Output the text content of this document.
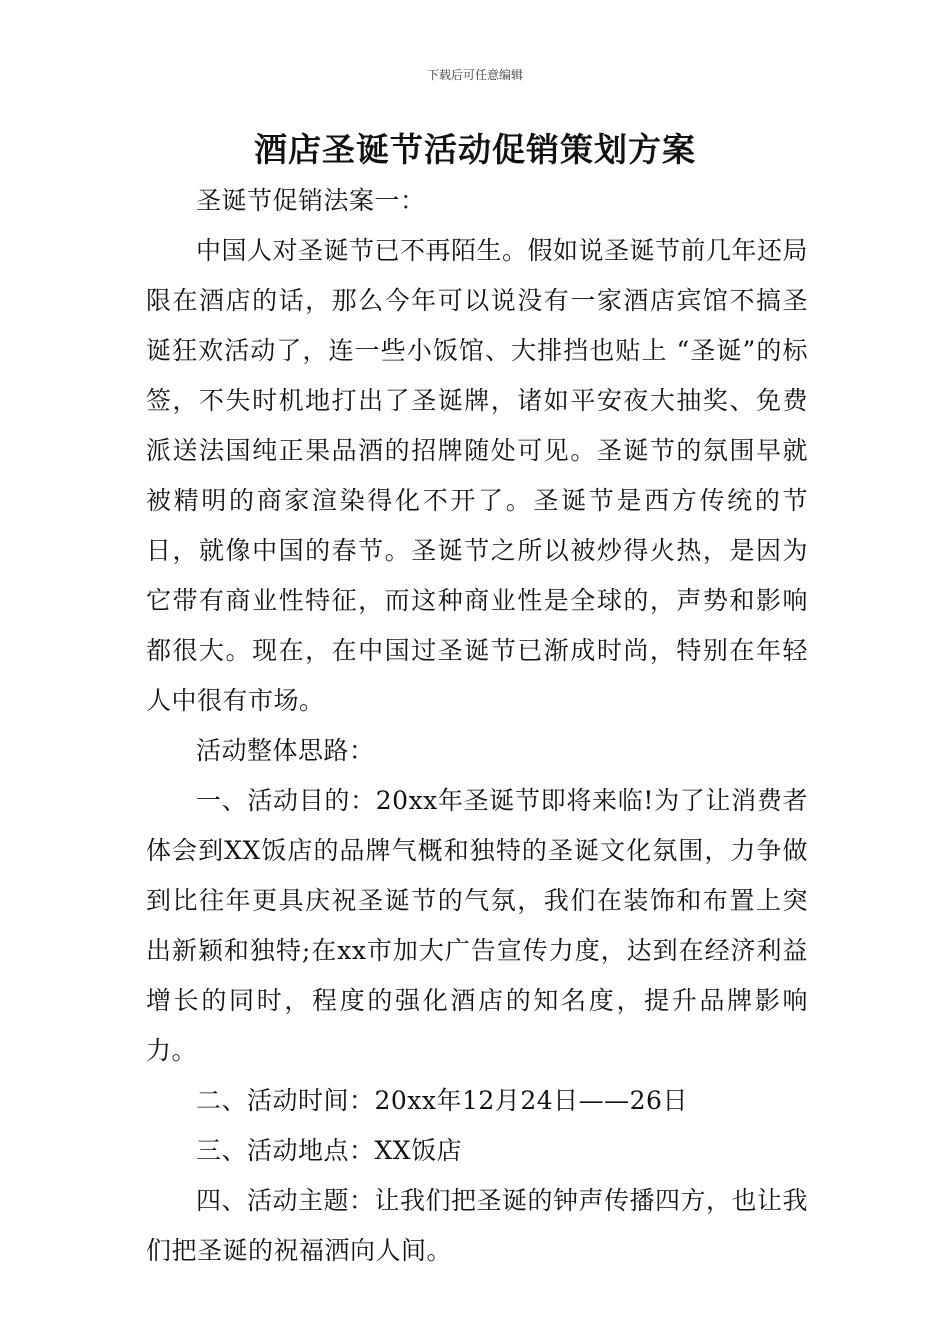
下载后可任意编辑
酒店圣诞节活动促销策划方案

圣诞节促销法案一：

中国人对圣诞节已不再陌生。假如说圣诞节前几年还局限在酒店的话，那么今年可以说没有一家酒店宾馆不搞圣诞狂欢活动了，连一些小饭馆、大排挡也贴上 “圣诞”的标签，不失时机地打出了圣诞牌，诸如平安夜大抽奖、免费派送法国纯正果品酒的招牌随处可见。圣诞节的氛围早就被精明的商家渲染得化不开了。圣诞节是西方传统的节日，就像中国的春节。圣诞节之所以被炒得火热，是因为它带有商业性特征，而这种商业性是全球的，声势和影响都很大。现在，在中国过圣诞节已渐成时尚，特别在年轻人中很有市场。

活动整体思路：

一、活动目的：20xx年圣诞节即将来临!为了让消费者体会到XX饭店的品牌气概和独特的圣诞文化氛围，力争做到比往年更具庆祝圣诞节的气氛，我们在装饰和布置上突出新颖和独特;在xx市加大广告宣传力度，达到在经济利益增长的同时，程度的强化酒店的知名度，提升品牌影响力。

二、活动时间：20xx年12月24日——26日

三、活动地点：XX饭店

四、活动主题：让我们把圣诞的钟声传播四方，也让我们把圣诞的祝福洒向人间。
